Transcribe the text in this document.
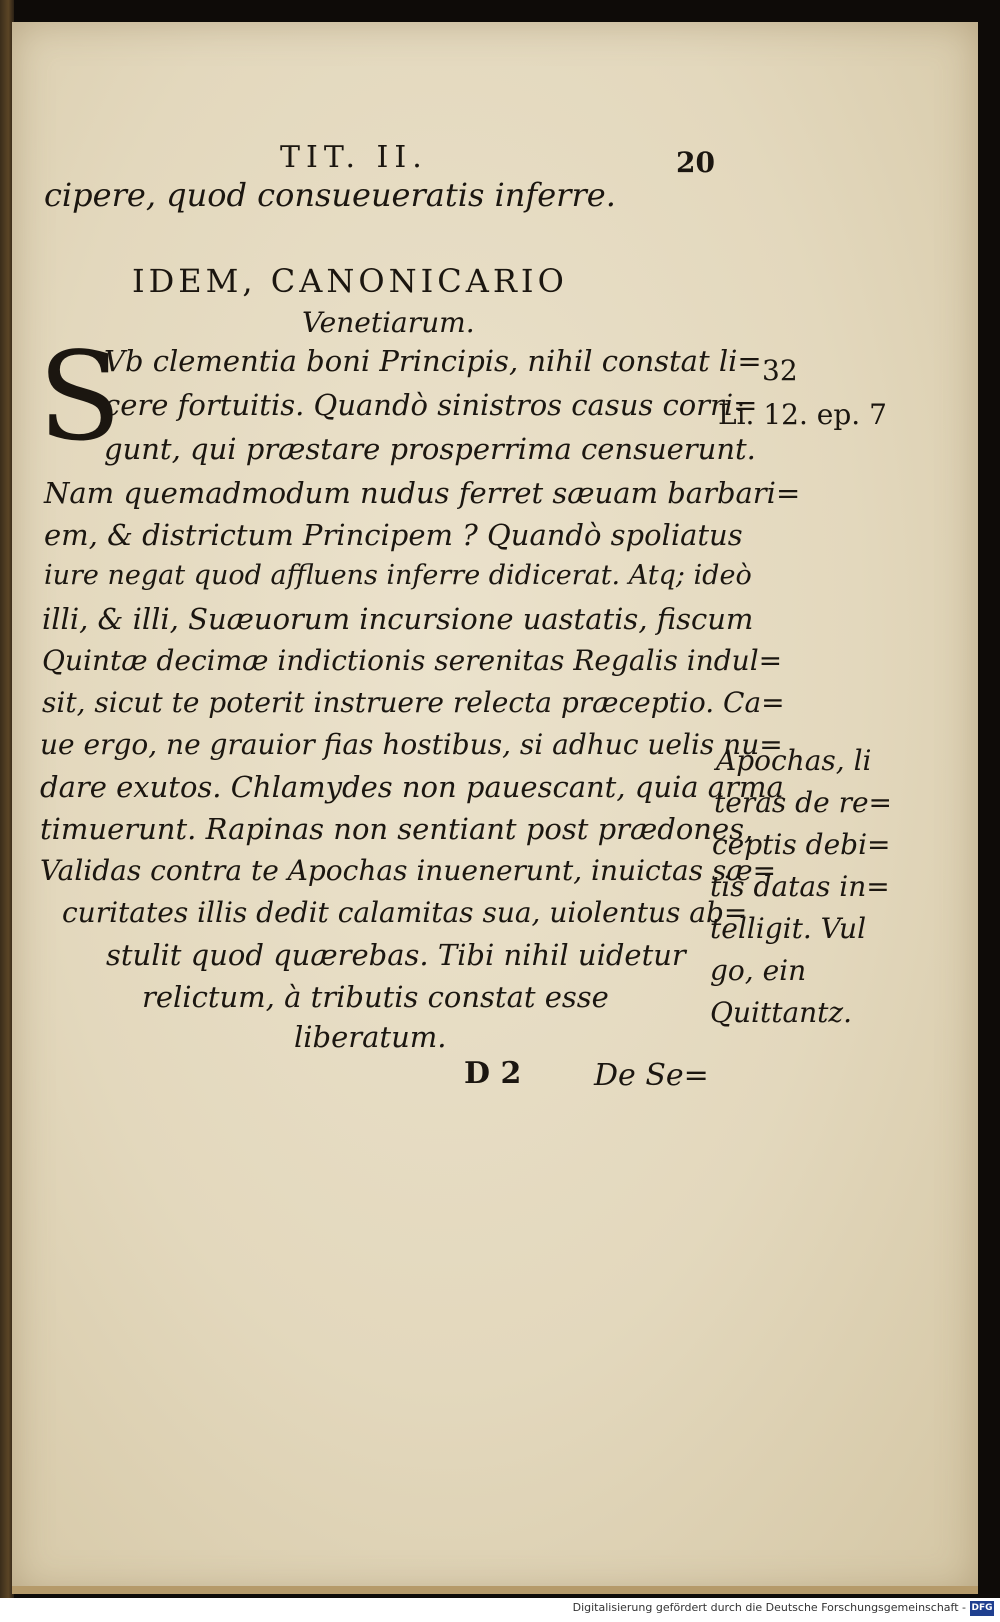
TIT. II.	20
cipere, quod consueueratis inferre.
IDEM, CANONICARIO
Venetiarum.
S
Vb clementia boni Principis, nihil constat li=
cere fortuitis. Quandò sinistros casus corri=
gunt, qui præstare prosperrima censuerunt.
Nam quemadmodum nudus ferret sæuam barbari=
em, & districtum Principem ? Quandò spoliatus
iure negat quod affluens inferre didicerat. Atq; ideò
illi, & illi, Suæuorum incursione uastatis, fiscum
Quintæ decimæ indictionis serenitas Regalis indul=
sit, sicut te poterit instruere relecta præceptio. Ca=
ue ergo, ne grauior fias hostibus, si adhuc uelis nu=
dare exutos. Chlamydes non pauescant, quia arma
timuerunt. Rapinas non sentiant post prædones,
Validas contra te Apochas inuenerunt, inuictas sæ=
curitates illis dedit calamitas sua, uiolentus ab=
stulit quod quærebas. Tibi nihil uidetur
relictum, à tributis constat esse
liberatum.
32
Li. 12. ep. 7
Apochas, li
teras de re=
ceptis debi=
tis datas in=
telligit. Vul
go, ein
Quittantz.
D 2 De Se=
Digitalisierung gefördert durch die Deutsche Forschungsgemeinschaft - DFG
